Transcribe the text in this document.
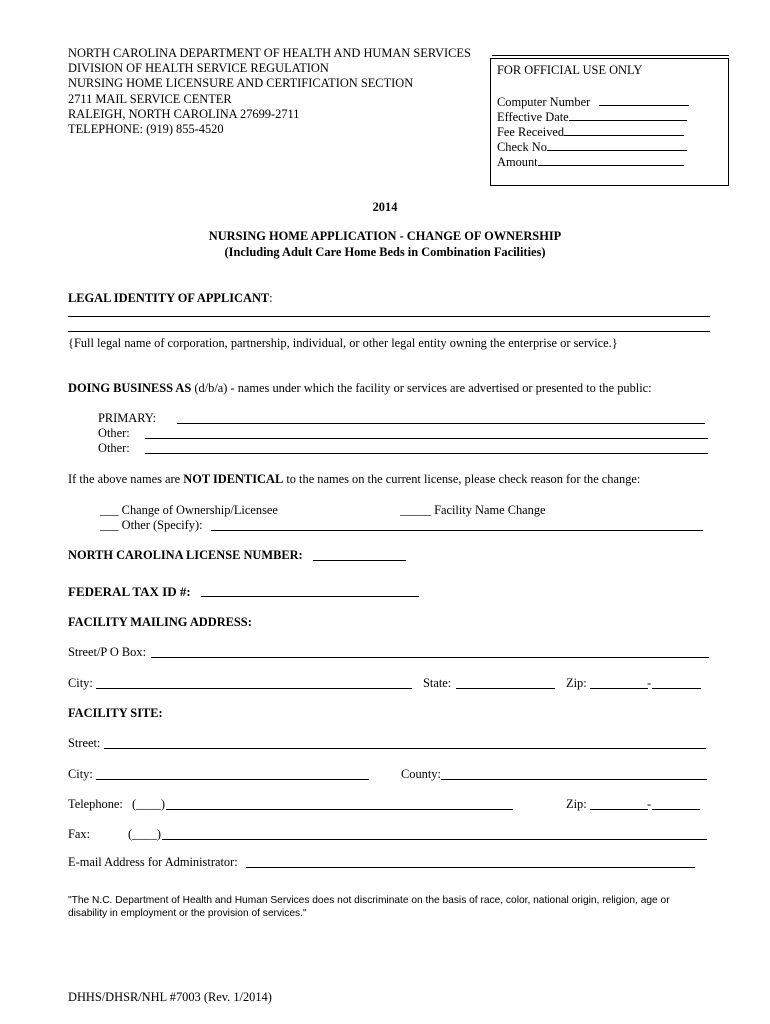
NORTH CAROLINA DEPARTMENT OF HEALTH AND HUMAN SERVICES
DIVISION OF HEALTH SERVICE REGULATION
NURSING HOME LICENSURE AND CERTIFICATION SECTION
2711 MAIL SERVICE CENTER
RALEIGH, NORTH CAROLINA 27699-2711
TELEPHONE: (919) 855-4520
FOR OFFICIAL USE ONLY
Computer Number
Effective Date
Fee Received
Check No
Amount
2014
NURSING HOME APPLICATION - CHANGE OF OWNERSHIP
(Including Adult Care Home Beds in Combination Facilities)
LEGAL IDENTITY OF APPLICANT:
{Full legal name of corporation, partnership, individual, or other legal entity owning the enterprise or service.}
DOING BUSINESS AS (d/b/a) - names under which the facility or services are advertised or presented to the public:
PRIMARY:
Other:
Other:
If the above names are NOT IDENTICAL to the names on the current license, please check reason for the change:
___ Change of Ownership/Licensee	_____ Facility Name Change
___ Other (Specify):
NORTH CAROLINA LICENSE NUMBER:
FEDERAL TAX ID #:
FACILITY MAILING ADDRESS:
Street/P O Box:
City:	State:	Zip:	-
FACILITY SITE:
Street:
City:	County:
Telephone: (____)	Zip:	-
Fax:	(____)
E-mail Address for Administrator:
"The N.C. Department of Health and Human Services does not discriminate on the basis of race, color, national origin, religion, age or disability in employment or the provision of services."
DHHS/DHSR/NHL #7003 (Rev. 1/2014)
